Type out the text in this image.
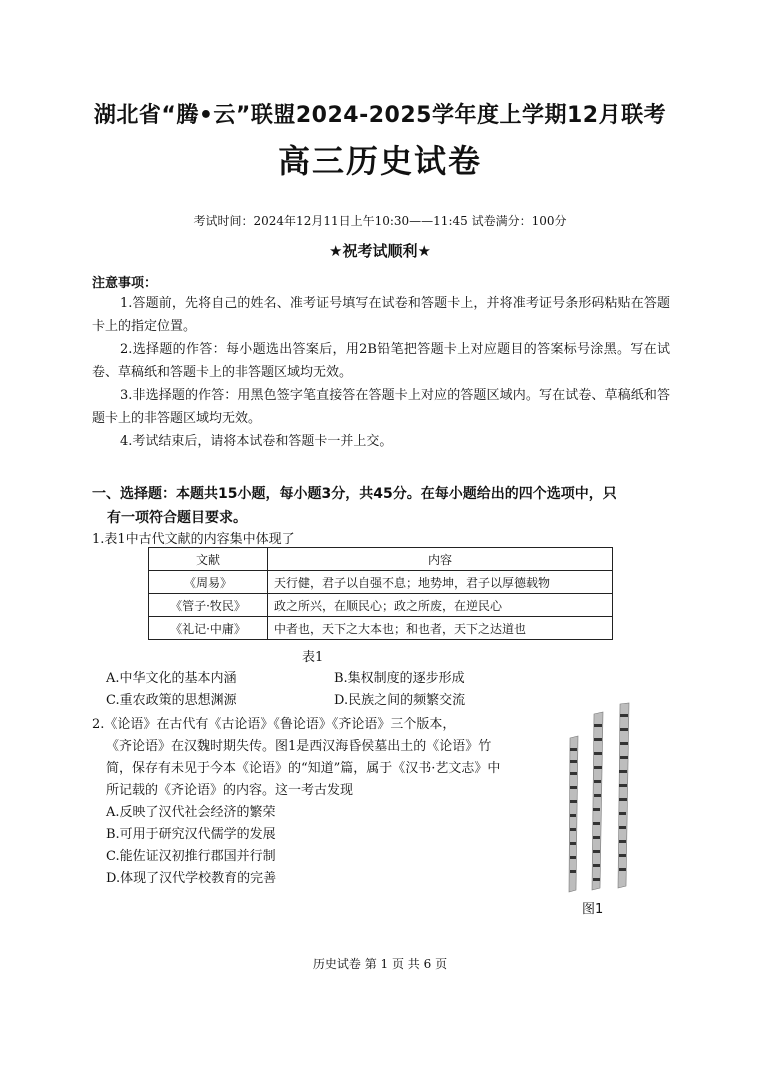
湖北省“腾•云”联盟2024-2025学年度上学期12月联考
高三历史试卷
考试时间：2024年12月11日上午10:30——11:45 试卷满分：100分
★祝考试顺利★
注意事项：

1.答题前，先将自己的姓名、准考证号填写在试卷和答题卡上，并将准考证号条形码粘贴在答题卡上的指定位置。

2.选择题的作答：每小题选出答案后，用2B铅笔把答题卡上对应题目的答案标号涂黑。写在试卷、草稿纸和答题卡上的非答题区域均无效。

3.非选择题的作答：用黑色签字笔直接答在答题卡上对应的答题区域内。写在试卷、草稿纸和答题卡上的非答题区域均无效。

4.考试结束后，请将本试卷和答题卡一并上交。

一、选择题：本题共15小题，每小题3分，共45分。在每小题给出的四个选项中，只
有一项符合题目要求。
1.表1中古代文献的内容集中体现了
文献	内容
《周易》	天行健，君子以自强不息；地势坤，君子以厚德载物
《管子·牧民》	政之所兴，在顺民心；政之所废，在逆民心
《礼记·中庸》	中者也，天下之大本也；和也者，天下之达道也
表1
A.中华文化的基本内涵	B.集权制度的逐步形成
C.重农政策的思想渊源	D.民族之间的频繁交流
2.《论语》在古代有《古论语》《鲁论语》《齐论语》三个版本，
《齐论语》在汉魏时期失传。图1是西汉海昏侯墓出土的《论语》竹简，保存有未见于今本《论语》的“知道”篇，属于《汉书·艺文志》中所记载的《齐论语》的内容。这一考古发现
A.反映了汉代社会经济的繁荣
B.可用于研究汉代儒学的发展
C.能佐证汉初推行郡国并行制
D.体现了汉代学校教育的完善
图1
历史试卷 第 1 页 共 6 页
